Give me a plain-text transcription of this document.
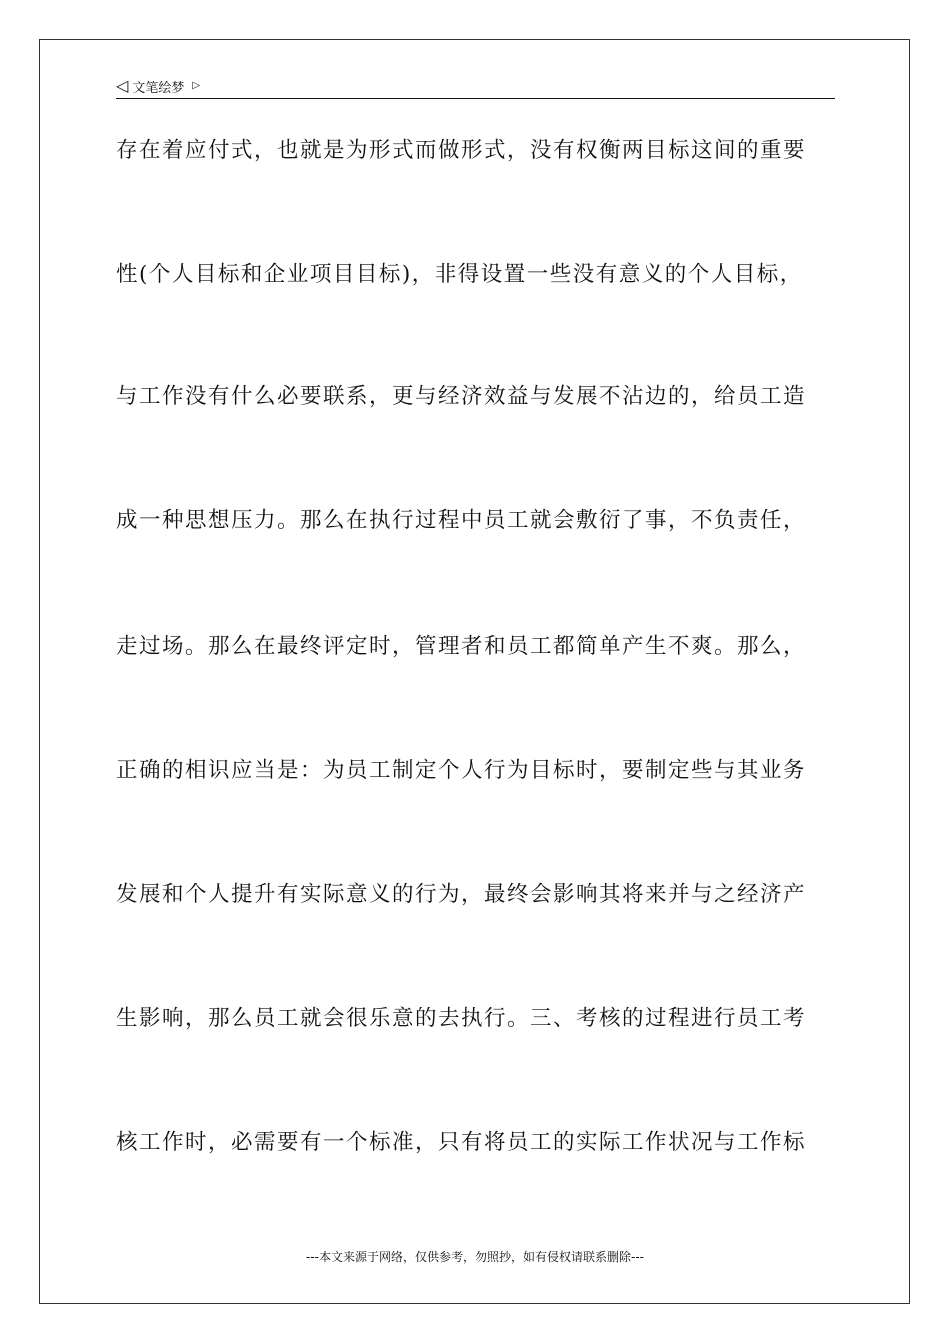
◁ 文笔绘梦 ▷
存在着应付式，也就是为形式而做形式，没有权衡两目标这间的重要
性(个人目标和企业项目目标)，非得设置一些没有意义的个人目标，
与工作没有什么必要联系，更与经济效益与发展不沾边的，给员工造
成一种思想压力。那么在执行过程中员工就会敷衍了事，不负责任，
走过场。那么在最终评定时，管理者和员工都简单产生不爽。那么，
正确的相识应当是：为员工制定个人行为目标时，要制定些与其业务
发展和个人提升有实际意义的行为，最终会影响其将来并与之经济产
生影响，那么员工就会很乐意的去执行。三、考核的过程进行员工考
核工作时，必需要有一个标准，只有将员工的实际工作状况与工作标
---本文来源于网络，仅供参考，勿照抄，如有侵权请联系删除---
